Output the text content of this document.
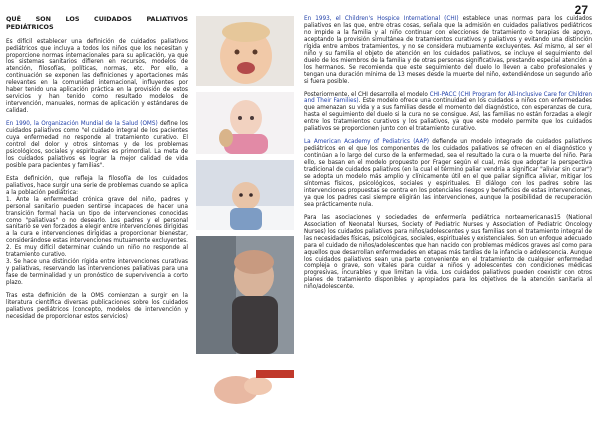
27
QUÉ SON LOS CUIDADOS PALIATIVOS PEDIÁTRICOS

Es difícil establecer una definición de cuidados paliativos pediátricos que incluya a todos los niños que los necesitan y proporcione normas internacionales para su aplicación, ya que los sistemas sanitarios difieren en recursos, modelos de atención, filosofías, políticas, normas, etc. Por ello, a continuación se exponen las definiciones y aportaciones más relevantes en la comunidad internacional, influyentes por haber tenido una aplicación práctica en la provisión de estos servicios y han tenido como resultado modelos de intervención, manuales, normas de aplicación y estándares de calidad.

En 1990, la Organización Mundial de la Salud (OMS) define los cuidados paliativos como "el cuidado integral de los pacientes cuya enfermedad no responde al tratamiento curativo. El control del dolor y otros síntomas y de los problemas psicológicos, sociales y espirituales es primordial. La meta de los cuidados paliativos es lograr la mejor calidad de vida posible para pacientes y familias".

Esta definición, que refleja la filosofía de los cuidados paliativos, hace surgir una serie de problemas cuando se aplica a la población pediátrica:
1. Ante la enfermedad crónica grave del niño, padres y personal sanitario pueden sentirse incapaces de hacer una transición formal hacia un tipo de intervenciones conocidas como "paliativas" o no desearlo. Los padres y el personal sanitario se ven forzados a elegir entre intervenciones dirigidas a la cura e intervenciones dirigidas a proporcionar bienestar, considerándose estas intervenciones mutuamente excluyentes.
2. Es muy difícil determinar cuándo un niño no responde al tratamiento curativo.
3. Se hace una distinción rígida entre intervenciones curativas y paliativas, reservando las intervenciones paliativas para una fase de terminalidad y un pronóstico de supervivencia a corto plazo.

Tras esta definición de la OMS comienzan a surgir en la literatura científica diversas publicaciones sobre los cuidados paliativos pediátricos (concepto, modelos de intervención y necesidad de proporcionar estos servicios)

En 1993, el Children's Hospice International (CHI) establece unas normas para los cuidados paliativos en las que, entre otras cosas, señala que la admisión en cuidados paliativos pediátricos no impide a la familia y al niño continuar con elecciones de tratamiento o terapias de apoyo, aceptando la provisión simultánea de tratamientos curativos y paliativos y evitando una distinción rígida entre ambos tratamientos, y no se considera mutuamente excluyentes. Así mismo, al ser el niño y su familia el objeto de atención en los cuidados paliativos, se incluye el seguimiento del duelo de los miembros de la familia y de otras personas significativas, prestando especial atención a los hermanos. Se recomienda que este seguimiento del duelo lo lleven a cabo profesionales y tengan una duración mínima de 13 meses desde la muerte del niño, extendiéndose un segundo año si fuera posible.

Posteriormente, el CHI desarrolla el modelo CHI-PACC (CHI Program for All-Inclusive Care for Children and Their Families). Este modelo ofrece una continuidad en los cuidados a niños con enfermedades que amenazan su vida y a sus familias desde el momento del diagnóstico, con esperanzas de cura, hasta el seguimiento del duelo si la cura no se consigue. Así, las familias no están forzadas a elegir entre los tratamientos curativos y los paliativos, ya que este modelo permite que los cuidados paliativos se proporcionen junto con el tratamiento curativo.

La American Academy of Pediatrics (AAP) defiende un modelo integrado de cuidados paliativos pediátricos en el que los componentes de los cuidados paliativos se ofrecen en el diagnóstico y continúan a lo largo del curso de la enfermedad, sea el resultado la cura o la muerte del niño. Para ello, se basan en el modelo propuesto por Frager según el cual, más que adoptar la perspectiva tradicional de cuidados paliativos (en la cual el término paliar vendría a significar "aliviar sin curar") se adopta un modelo más amplio y clínicamente útil en el que paliar significa aliviar, mitigar los síntomas físicos, psicológicos, sociales y espirituales. El diálogo con los padres sobre las intervenciones propuestas se centra en los potenciales riesgos y beneficios de estas intervenciones, ya que los padres casi siempre eligirán las intervenciones, aunque la posibilidad de recuperación sea prácticamente nula.

Para las asociaciones y sociedades de enfermería pediátrica norteamericanas15 (National Association of Neonatal Nurses, Society of Pediatric Nurses y Association of Pediatric Oncology Nurses) los cuidados paliativos para niños/adolescentes y sus familias son el tratamiento integral de las necesidades físicas, psicológicas, sociales, espirituales y existenciales. Son un enfoque adecuado para el cuidado de niños/adolescentes que han nacido con problemas médicos graves así como para aquellos que desarrollan enfermedades en etapas más tardías de la infancia o adolescencia. Aunque los cuidados paliativos sean una parte conveniente en el tratamiento de cualquier enfermedad compleja o grave, son vitales para cuidar a niños y adolescentes con condiciones médicas progresivas, incurables y que limitan la vida. Los cuidados paliativos pueden coexistir con otros planes de tratamiento disponibles y apropiados para los objetivos de la atención sanitaria al niño/adolescente.
